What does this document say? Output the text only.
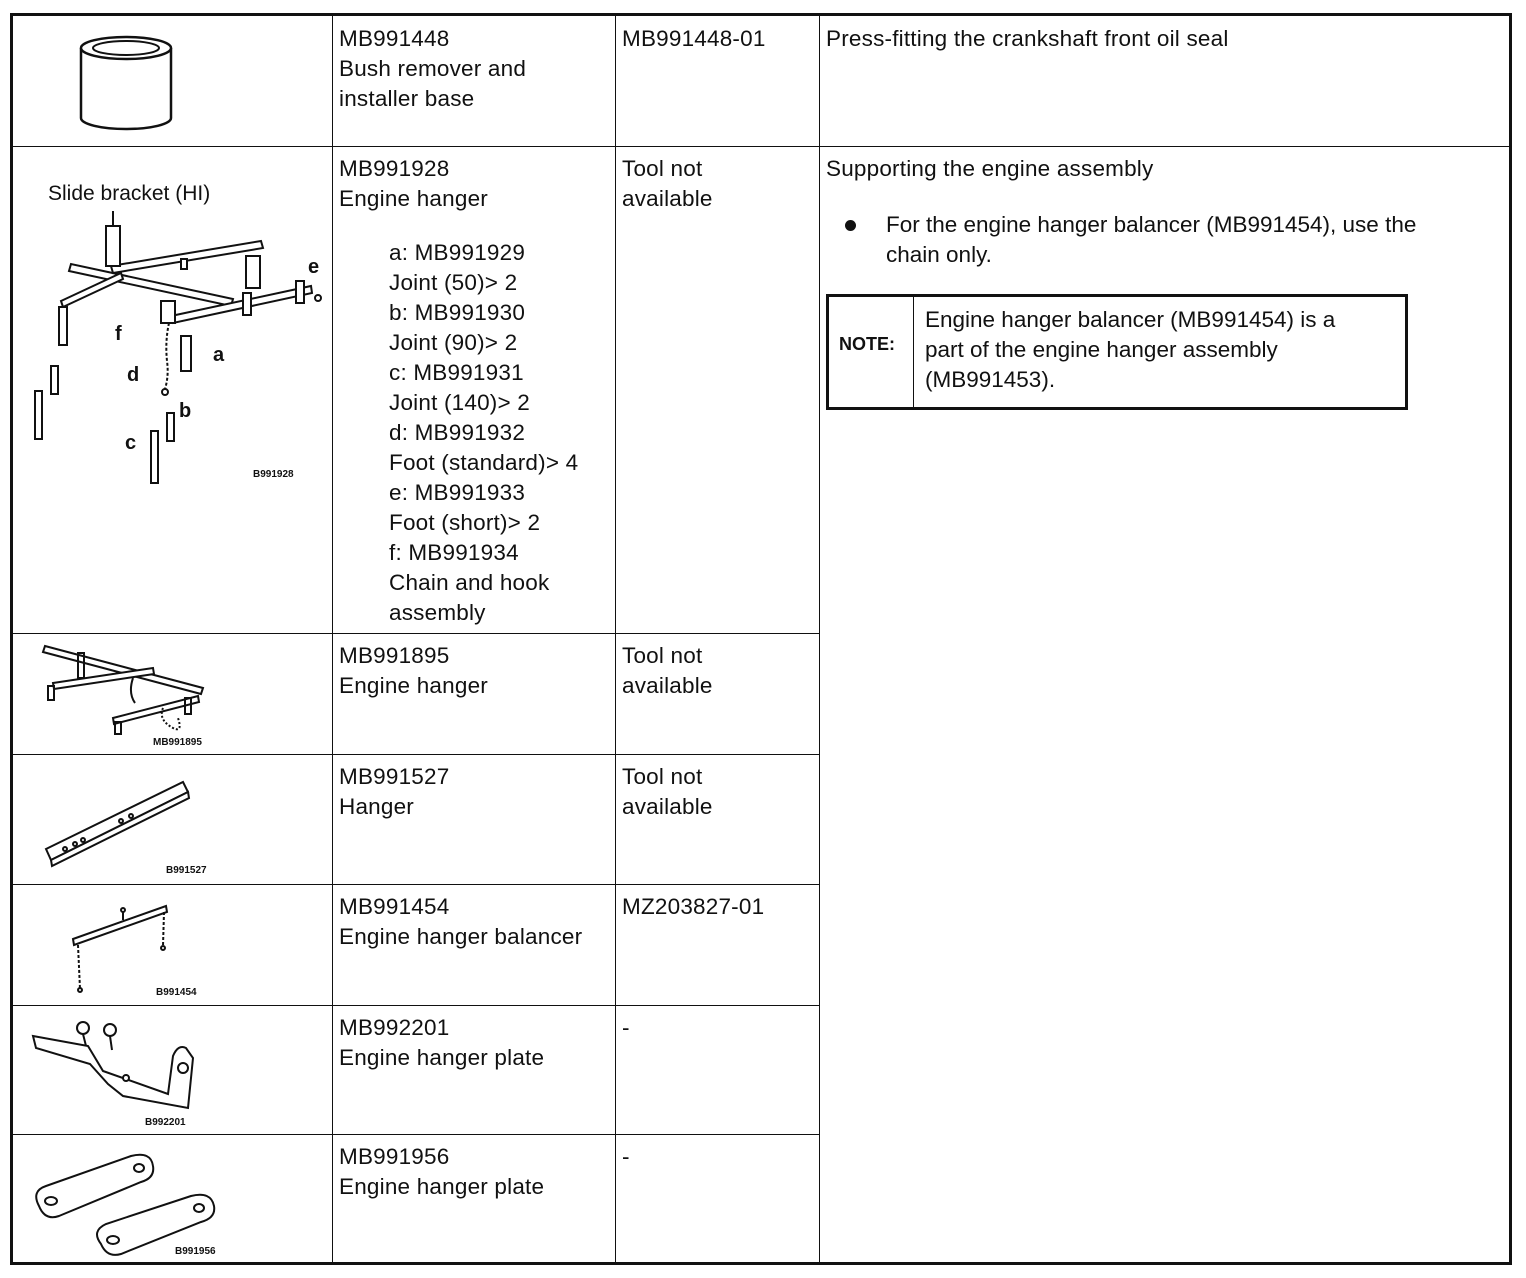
MB991448
Bush remover and
installer base
MB991448-01	Press-fitting the crankshaft front oil seal
Slide bracket (HI)
f
a
d
b
c
e
B991928
MB991928
Engine hanger
a: MB991929
Joint (50)> 2
b: MB991930
Joint (90)> 2
c: MB991931
Joint (140)> 2
d: MB991932
Foot (standard)> 4
e: MB991933
Foot (short)> 2
f: MB991934
Chain and hook
assembly
Tool not
available
Supporting the engine assembly
For the engine hanger balancer (MB991454), use the
chain only.
NOTE:
Engine hanger balancer (MB991454) is a
part of the engine hanger assembly
(MB991453).
MB991895
MB991895
Engine hanger
Tool not
available
B991527
MB991527
Hanger
Tool not
available
B991454
MB991454
Engine hanger balancer
MZ203827-01
B992201
MB992201
Engine hanger plate
-
B991956
MB991956
Engine hanger plate
-
